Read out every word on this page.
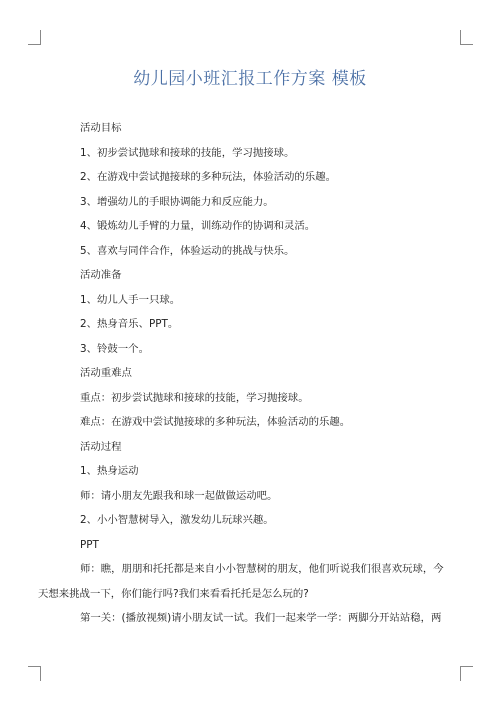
幼儿园小班汇报工作方案 模板
活动目标
1、初步尝试抛球和接球的技能，学习抛接球。
2、在游戏中尝试抛接球的多种玩法，体验活动的乐趣。
3、增强幼儿的手眼协调能力和反应能力。
4、锻炼幼儿手臂的力量，训练动作的协调和灵活。
5、喜欢与同伴合作，体验运动的挑战与快乐。
活动准备
1、幼儿人手一只球。
2、热身音乐、PPT。
3、铃鼓一个。
活动重难点
重点：初步尝试抛球和接球的技能，学习抛接球。
难点：在游戏中尝试抛接球的多种玩法，体验活动的乐趣。
活动过程
1、热身运动
师：请小朋友先跟我和球一起做做运动吧。
2、小小智慧树导入，激发幼儿玩球兴趣。
PPT
师：瞧，朋朋和托托都是来自小小智慧树的朋友，他们听说我们很喜欢玩球，今
天想来挑战一下，你们能行吗?我们来看看托托是怎么玩的?
第一关：(播放视频)请小朋友试一试。我们一起来学一学：两脚分开站站稳，两
